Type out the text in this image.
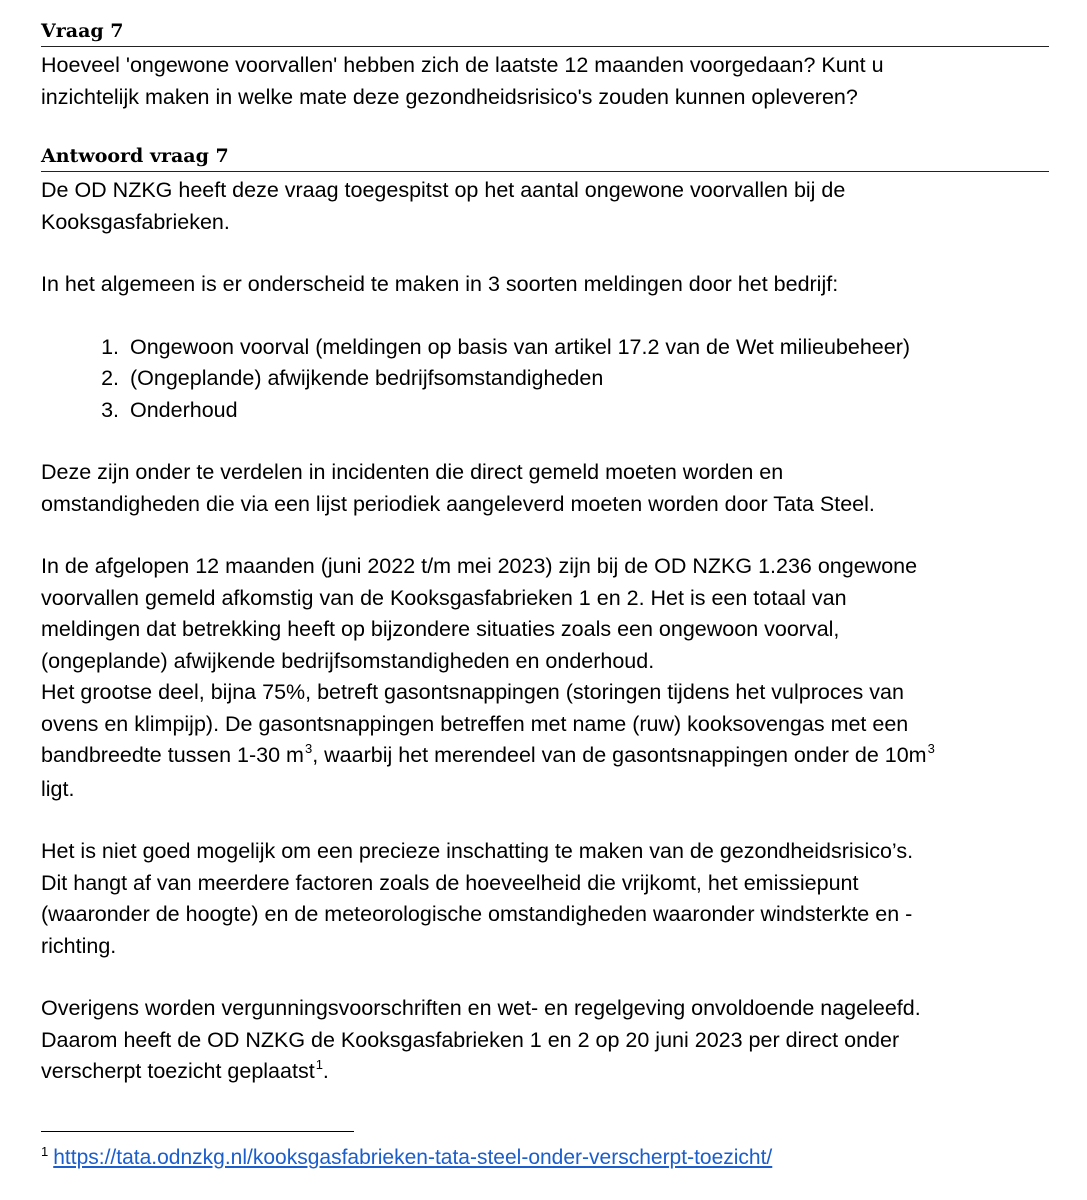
Vraag 7

Hoeveel 'ongewone voorvallen' hebben zich de laatste 12 maanden voorgedaan? Kunt u
inzichtelijk maken in welke mate deze gezondheidsrisico's zouden kunnen opleveren?

Antwoord vraag 7

De OD NZKG heeft deze vraag toegespitst op het aantal ongewone voorvallen bij de
Kooksgasfabrieken.

In het algemeen is er onderscheid te maken in 3 soorten meldingen door het bedrijf:

1. Ongewoon voorval (meldingen op basis van artikel 17.2 van de Wet milieubeheer)
2. (Ongeplande) afwijkende bedrijfsomstandigheden
3. Onderhoud

Deze zijn onder te verdelen in incidenten die direct gemeld moeten worden en
omstandigheden die via een lijst periodiek aangeleverd moeten worden door Tata Steel.

In de afgelopen 12 maanden (juni 2022 t/m mei 2023) zijn bij de OD NZKG 1.236 ongewone
voorvallen gemeld afkomstig van de Kooksgasfabrieken 1 en 2. Het is een totaal van
meldingen dat betrekking heeft op bijzondere situaties zoals een ongewoon voorval,
(ongeplande) afwijkende bedrijfsomstandigheden en onderhoud.
Het grootse deel, bijna 75%, betreft gasontsnappingen (storingen tijdens het vulproces van
ovens en klimpijp). De gasontsnappingen betreffen met name (ruw) kooksovengas met een
bandbreedte tussen 1-30 $m^3$, waarbij het merendeel van de gasontsnappingen onder de $10m^3$
ligt.

Het is niet goed mogelijk om een precieze inschatting te maken van de gezondheidsrisico’s.
Dit hangt af van meerdere factoren zoals de hoeveelheid die vrijkomt, het emissiepunt
(waaronder de hoogte) en de meteorologische omstandigheden waaronder windsterkte en -
richting.

Overigens worden vergunningsvoorschriften en wet- en regelgeving onvoldoende nageleefd.
Daarom heeft de OD NZKG de Kooksgasfabrieken 1 en 2 op 20 juni 2023 per direct onder
verscherpt toezicht geplaatst$^1$.

$^1$ https://tata.odnzkg.nl/kooksgasfabrieken-tata-steel-onder-verscherpt-toezicht/
